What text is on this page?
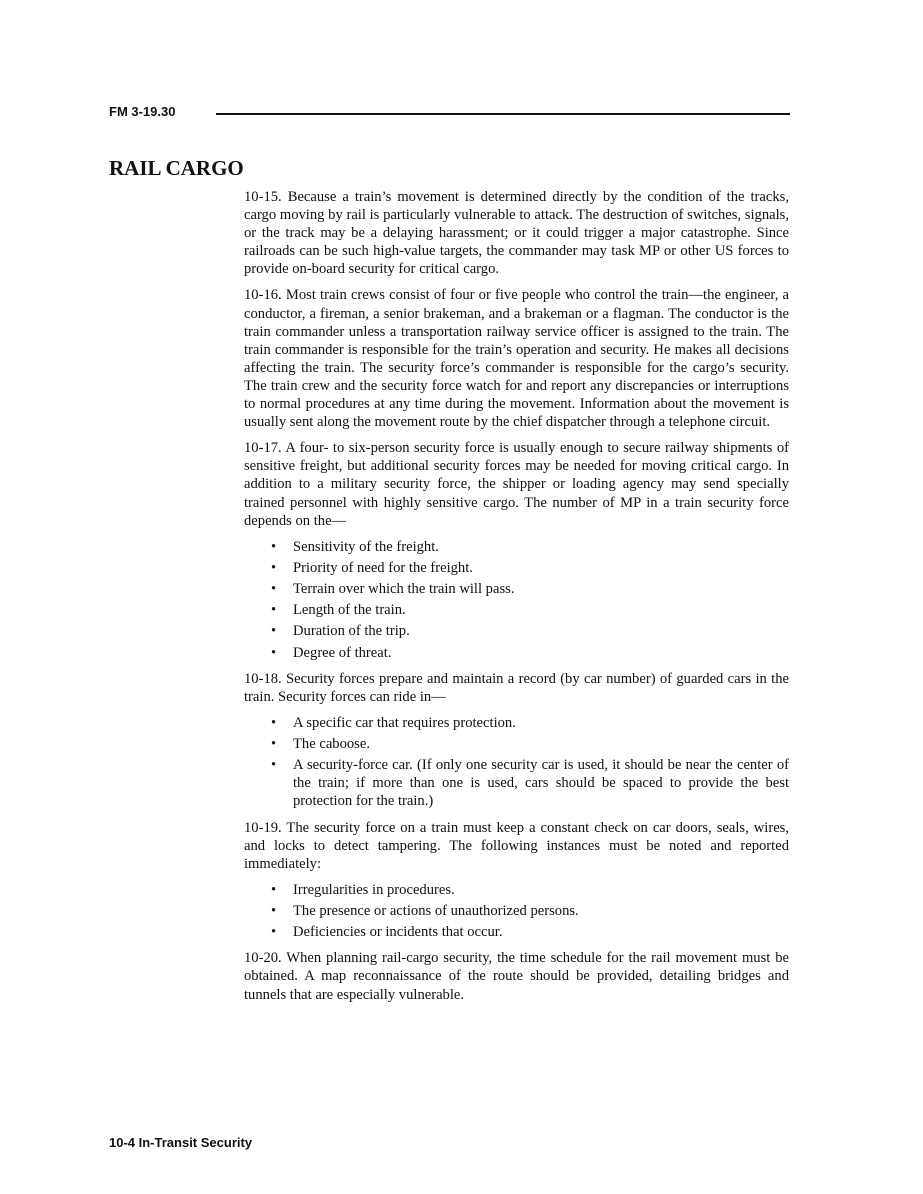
FM 3-19.30
RAIL CARGO

10-15. Because a train’s movement is determined directly by the condition of the tracks, cargo moving by rail is particularly vulnerable to attack. The destruction of switches, signals, or the track may be a delaying harassment; or it could trigger a major catastrophe. Since railroads can be such high-value targets, the commander may task MP or other US forces to provide on-board security for critical cargo.

10-16. Most train crews consist of four or five people who control the train—the engineer, a conductor, a fireman, a senior brakeman, and a brakeman or a flagman. The conductor is the train commander unless a transportation railway service officer is assigned to the train. The train commander is responsible for the train’s operation and security. He makes all decisions affecting the train. The security force’s commander is responsible for the cargo’s security. The train crew and the security force watch for and report any discrepancies or interruptions to normal procedures at any time during the movement. Information about the movement is usually sent along the movement route by the chief dispatcher through a telephone circuit.

10-17. A four- to six-person security force is usually enough to secure railway shipments of sensitive freight, but additional security forces may be needed for moving critical cargo. In addition to a military security force, the shipper or loading agency may send specially trained personnel with highly sensitive cargo. The number of MP in a train security force depends on the—

• Sensitivity of the freight.
• Priority of need for the freight.
• Terrain over which the train will pass.
• Length of the train.
• Duration of the trip.
• Degree of threat.

10-18. Security forces prepare and maintain a record (by car number) of guarded cars in the train. Security forces can ride in—

• A specific car that requires protection.
• The caboose.
• A security-force car. (If only one security car is used, it should be near the center of the train; if more than one is used, cars should be spaced to provide the best protection for the train.)

10-19. The security force on a train must keep a constant check on car doors, seals, wires, and locks to detect tampering. The following instances must be noted and reported immediately:

• Irregularities in procedures.
• The presence or actions of unauthorized persons.
• Deficiencies or incidents that occur.

10-20. When planning rail-cargo security, the time schedule for the rail movement must be obtained. A map reconnaissance of the route should be provided, detailing bridges and tunnels that are especially vulnerable.

10-4 In-Transit Security
